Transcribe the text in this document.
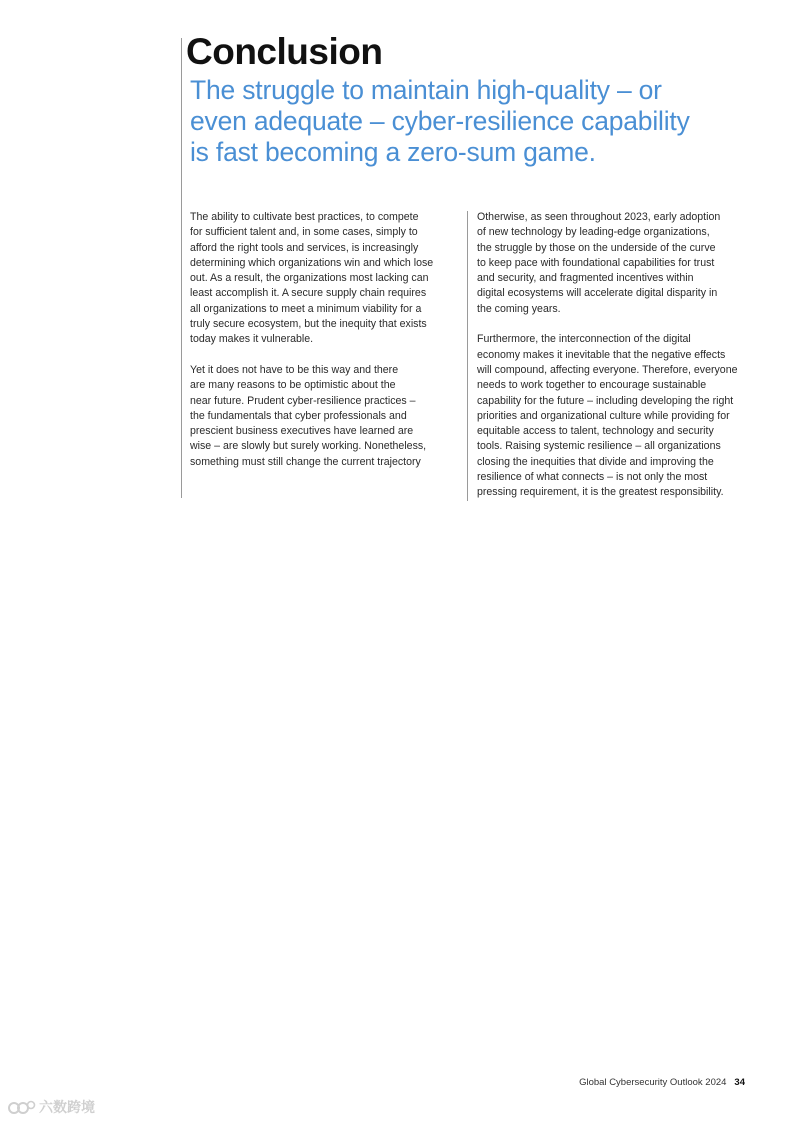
Conclusion
The struggle to maintain high-quality – or
even adequate – cyber-resilience capability
is fast becoming a zero-sum game.

The ability to cultivate best practices, to compete
for sufficient talent and, in some cases, simply to
afford the right tools and services, is increasingly
determining which organizations win and which lose
out. As a result, the organizations most lacking can
least accomplish it. A secure supply chain requires
all organizations to meet a minimum viability for a
truly secure ecosystem, but the inequity that exists
today makes it vulnerable.

Yet it does not have to be this way and there
are many reasons to be optimistic about the
near future. Prudent cyber-resilience practices –
the fundamentals that cyber professionals and
prescient business executives have learned are
wise – are slowly but surely working. Nonetheless,
something must still change the current trajectory

Otherwise, as seen throughout 2023, early adoption
of new technology by leading-edge organizations,
the struggle by those on the underside of the curve
to keep pace with foundational capabilities for trust
and security, and fragmented incentives within
digital ecosystems will accelerate digital disparity in
the coming years.

Furthermore, the interconnection of the digital
economy makes it inevitable that the negative effects
will compound, affecting everyone. Therefore, everyone
needs to work together to encourage sustainable
capability for the future – including developing the right
priorities and organizational culture while providing for
equitable access to talent, technology and security
tools. Raising systemic resilience – all organizations
closing the inequities that divide and improving the
resilience of what connects – is not only the most
pressing requirement, it is the greatest responsibility.

Global Cybersecurity Outlook 2024 34
六数跨境
